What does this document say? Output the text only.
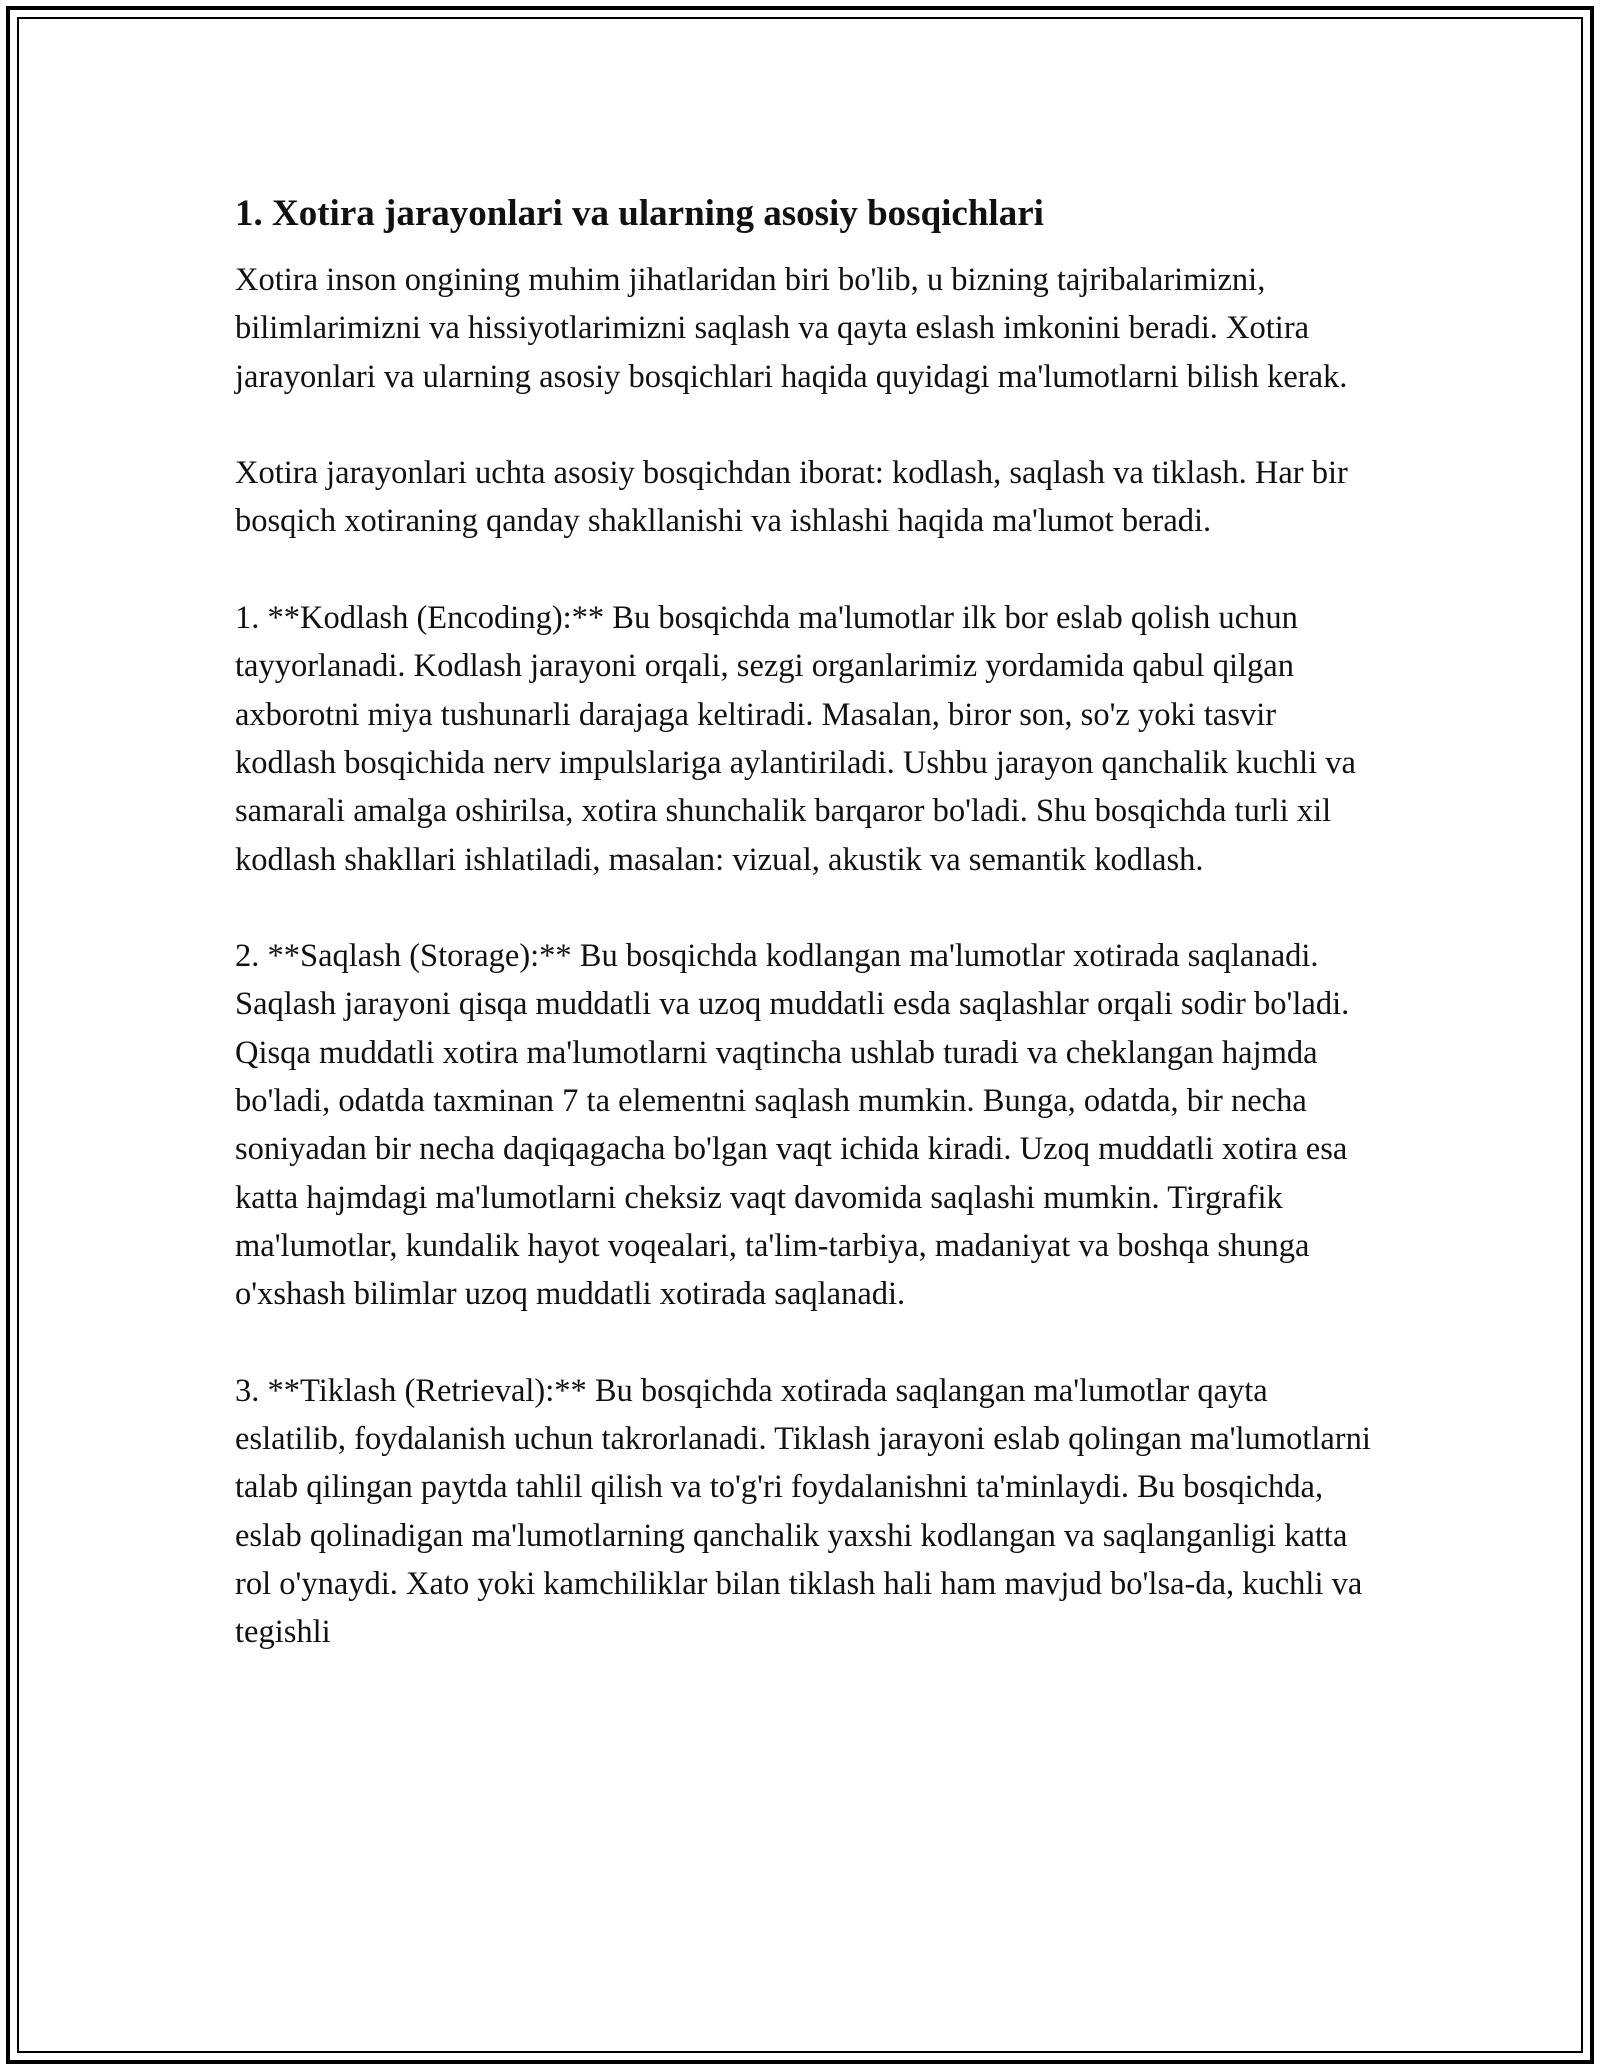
1. Xotira jarayonlari va ularning asosiy bosqichlari

Xotira inson ongining muhim jihatlaridan biri bo'lib, u bizning tajribalarimizni, bilimlarimizni va hissiyotlarimizni saqlash va qayta eslash imkonini beradi. Xotira jarayonlari va ularning asosiy bosqichlari haqida quyidagi ma'lumotlarni bilish kerak.

Xotira jarayonlari uchta asosiy bosqichdan iborat: kodlash, saqlash va tiklash. Har bir bosqich xotiraning qanday shakllanishi va ishlashi haqida ma'lumot beradi.

1. **Kodlash (Encoding):** Bu bosqichda ma'lumotlar ilk bor eslab qolish uchun tayyorlanadi. Kodlash jarayoni orqali, sezgi organlarimiz yordamida qabul qilgan axborotni miya tushunarli darajaga keltiradi. Masalan, biror son, so'z yoki tasvir kodlash bosqichida nerv impulslariga aylantiriladi. Ushbu jarayon qanchalik kuchli va samarali amalga oshirilsa, xotira shunchalik barqaror bo'ladi. Shu bosqichda turli xil kodlash shakllari ishlatiladi, masalan: vizual, akustik va semantik kodlash.

2. **Saqlash (Storage):** Bu bosqichda kodlangan ma'lumotlar xotirada saqlanadi. Saqlash jarayoni qisqa muddatli va uzoq muddatli esda saqlashlar orqali sodir bo'ladi. Qisqa muddatli xotira ma'lumotlarni vaqtincha ushlab turadi va cheklangan hajmda bo'ladi, odatda taxminan 7 ta elementni saqlash mumkin. Bunga, odatda, bir necha soniyadan bir necha daqiqagacha bo'lgan vaqt ichida kiradi. Uzoq muddatli xotira esa katta hajmdagi ma'lumotlarni cheksiz vaqt davomida saqlashi mumkin. Tirgrafik ma'lumotlar, kundalik hayot voqealari, ta'lim-tarbiya, madaniyat va boshqa shunga o'xshash bilimlar uzoq muddatli xotirada saqlanadi.

3. **Tiklash (Retrieval):** Bu bosqichda xotirada saqlangan ma'lumotlar qayta eslatilib, foydalanish uchun takrorlanadi. Tiklash jarayoni eslab qolingan ma'lumotlarni talab qilingan paytda tahlil qilish va to'g'ri foydalanishni ta'minlaydi. Bu bosqichda, eslab qolinadigan ma'lumotlarning qanchalik yaxshi kodlangan va saqlanganligi katta rol o'ynaydi. Xato yoki kamchiliklar bilan tiklash hali ham mavjud bo'lsa-da, kuchli va tegishli
